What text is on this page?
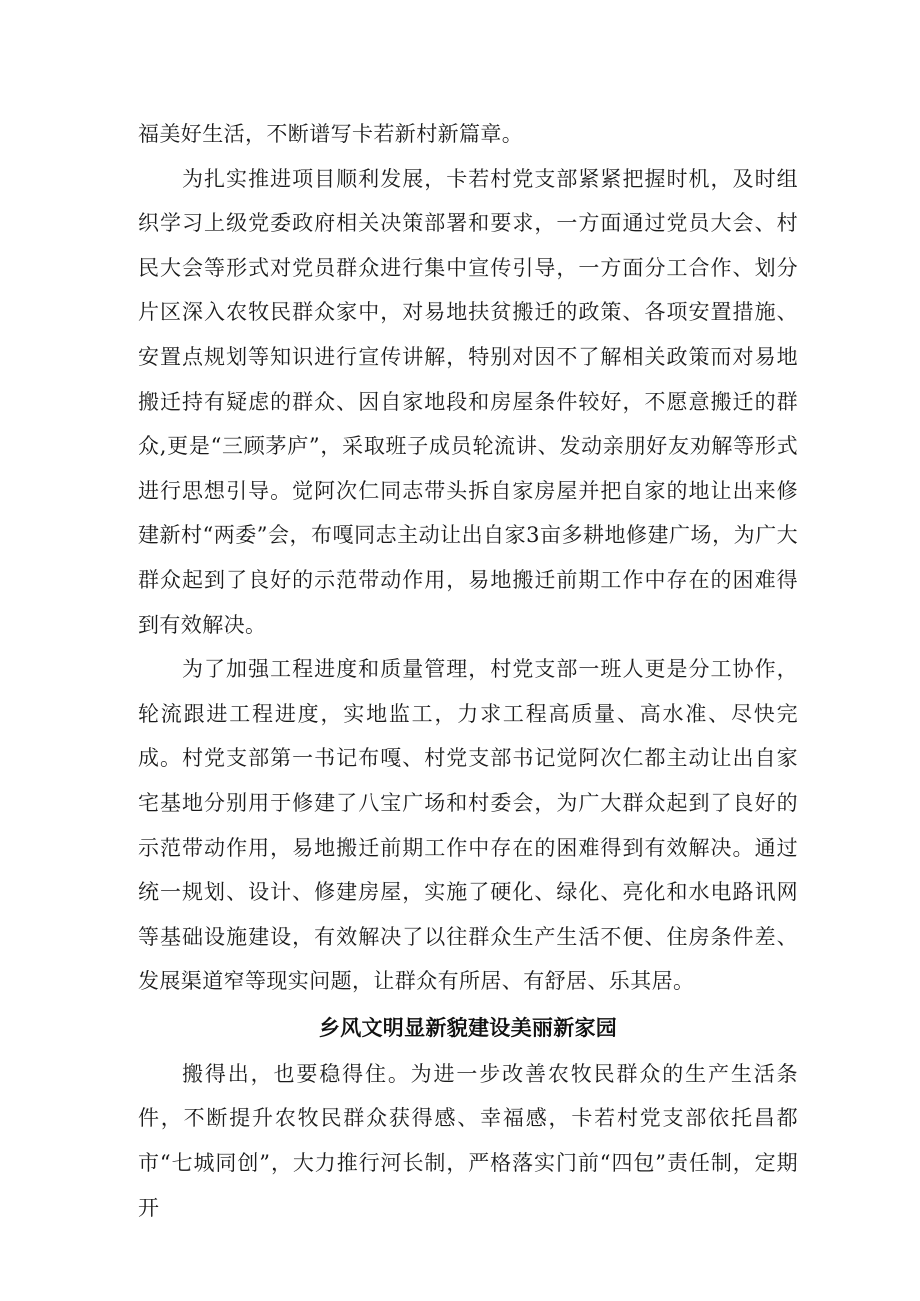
福美好生活，不断谱写卡若新村新篇章。

为扎实推进项目顺利发展，卡若村党支部紧紧把握时机，及时组织学习上级党委政府相关决策部署和要求，一方面通过党员大会、村民大会等形式对党员群众进行集中宣传引导，一方面分工合作、划分片区深入农牧民群众家中，对易地扶贫搬迁的政策、各项安置措施、安置点规划等知识进行宣传讲解，特别对因不了解相关政策而对易地搬迁持有疑虑的群众、因自家地段和房屋条件较好，不愿意搬迁的群众,更是“三顾茅庐”，采取班子成员轮流讲、发动亲朋好友劝解等形式进行思想引导。觉阿次仁同志带头拆自家房屋并把自家的地让出来修建新村“两委”会，布嘎同志主动让出自家3亩多耕地修建广场，为广大群众起到了良好的示范带动作用，易地搬迁前期工作中存在的困难得到有效解决。

为了加强工程进度和质量管理，村党支部一班人更是分工协作，轮流跟进工程进度，实地监工，力求工程高质量、高水准、尽快完成。村党支部第一书记布嘎、村党支部书记觉阿次仁都主动让出自家宅基地分别用于修建了八宝广场和村委会，为广大群众起到了良好的示范带动作用，易地搬迁前期工作中存在的困难得到有效解决。通过统一规划、设计、修建房屋，实施了硬化、绿化、亮化和水电路讯网等基础设施建设，有效解决了以往群众生产生活不便、住房条件差、发展渠道窄等现实问题，让群众有所居、有舒居、乐其居。

乡风文明显新貌建设美丽新家园

搬得出，也要稳得住。为进一步改善农牧民群众的生产生活条件，不断提升农牧民群众获得感、幸福感，卡若村党支部依托昌都市“七城同创”，大力推行河长制，严格落实门前“四包”责任制，定期开
